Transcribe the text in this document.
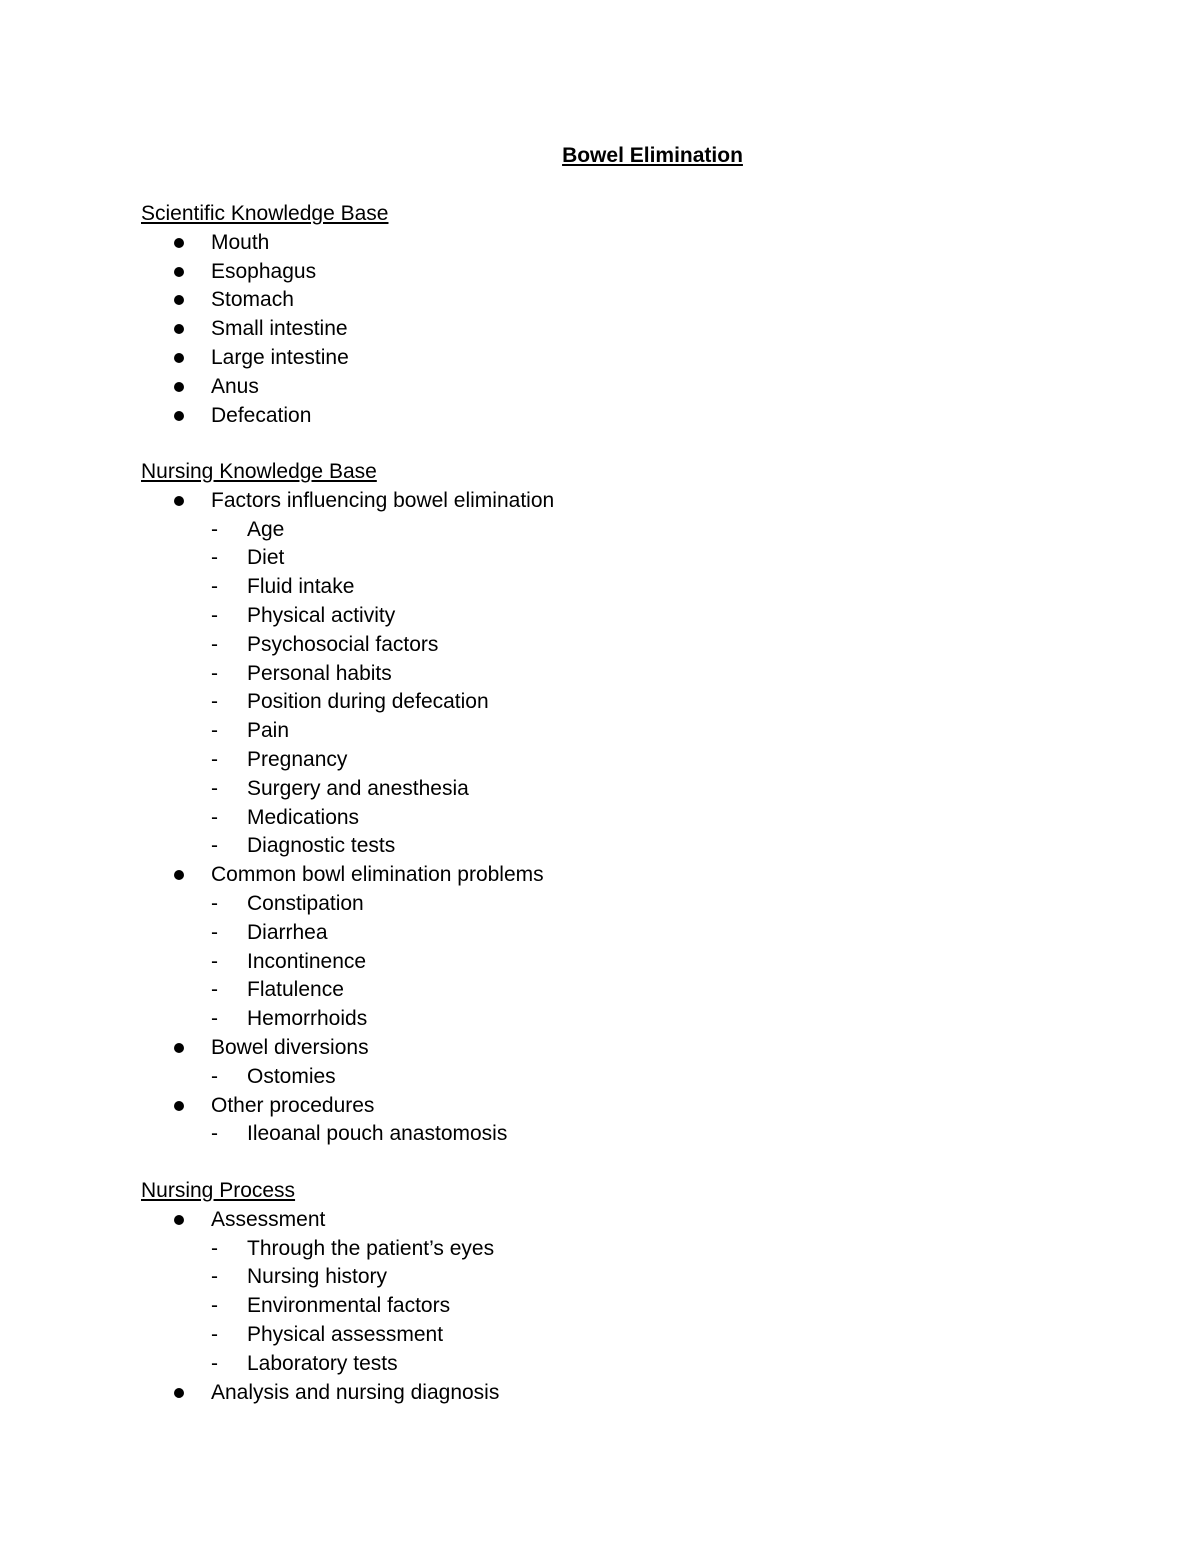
Bowel Elimination
Scientific Knowledge Base
Mouth
Esophagus
Stomach
Small intestine
Large intestine
Anus
Defecation
Nursing Knowledge Base
Factors influencing bowel elimination
- Age
- Diet
- Fluid intake
- Physical activity
- Psychosocial factors
- Personal habits
- Position during defecation
- Pain
- Pregnancy
- Surgery and anesthesia
- Medications
- Diagnostic tests
Common bowl elimination problems
- Constipation
- Diarrhea
- Incontinence
- Flatulence
- Hemorrhoids
Bowel diversions
- Ostomies
Other procedures
- Ileoanal pouch anastomosis
Nursing Process
Assessment
- Through the patient’s eyes
- Nursing history
- Environmental factors
- Physical assessment
- Laboratory tests
Analysis and nursing diagnosis
